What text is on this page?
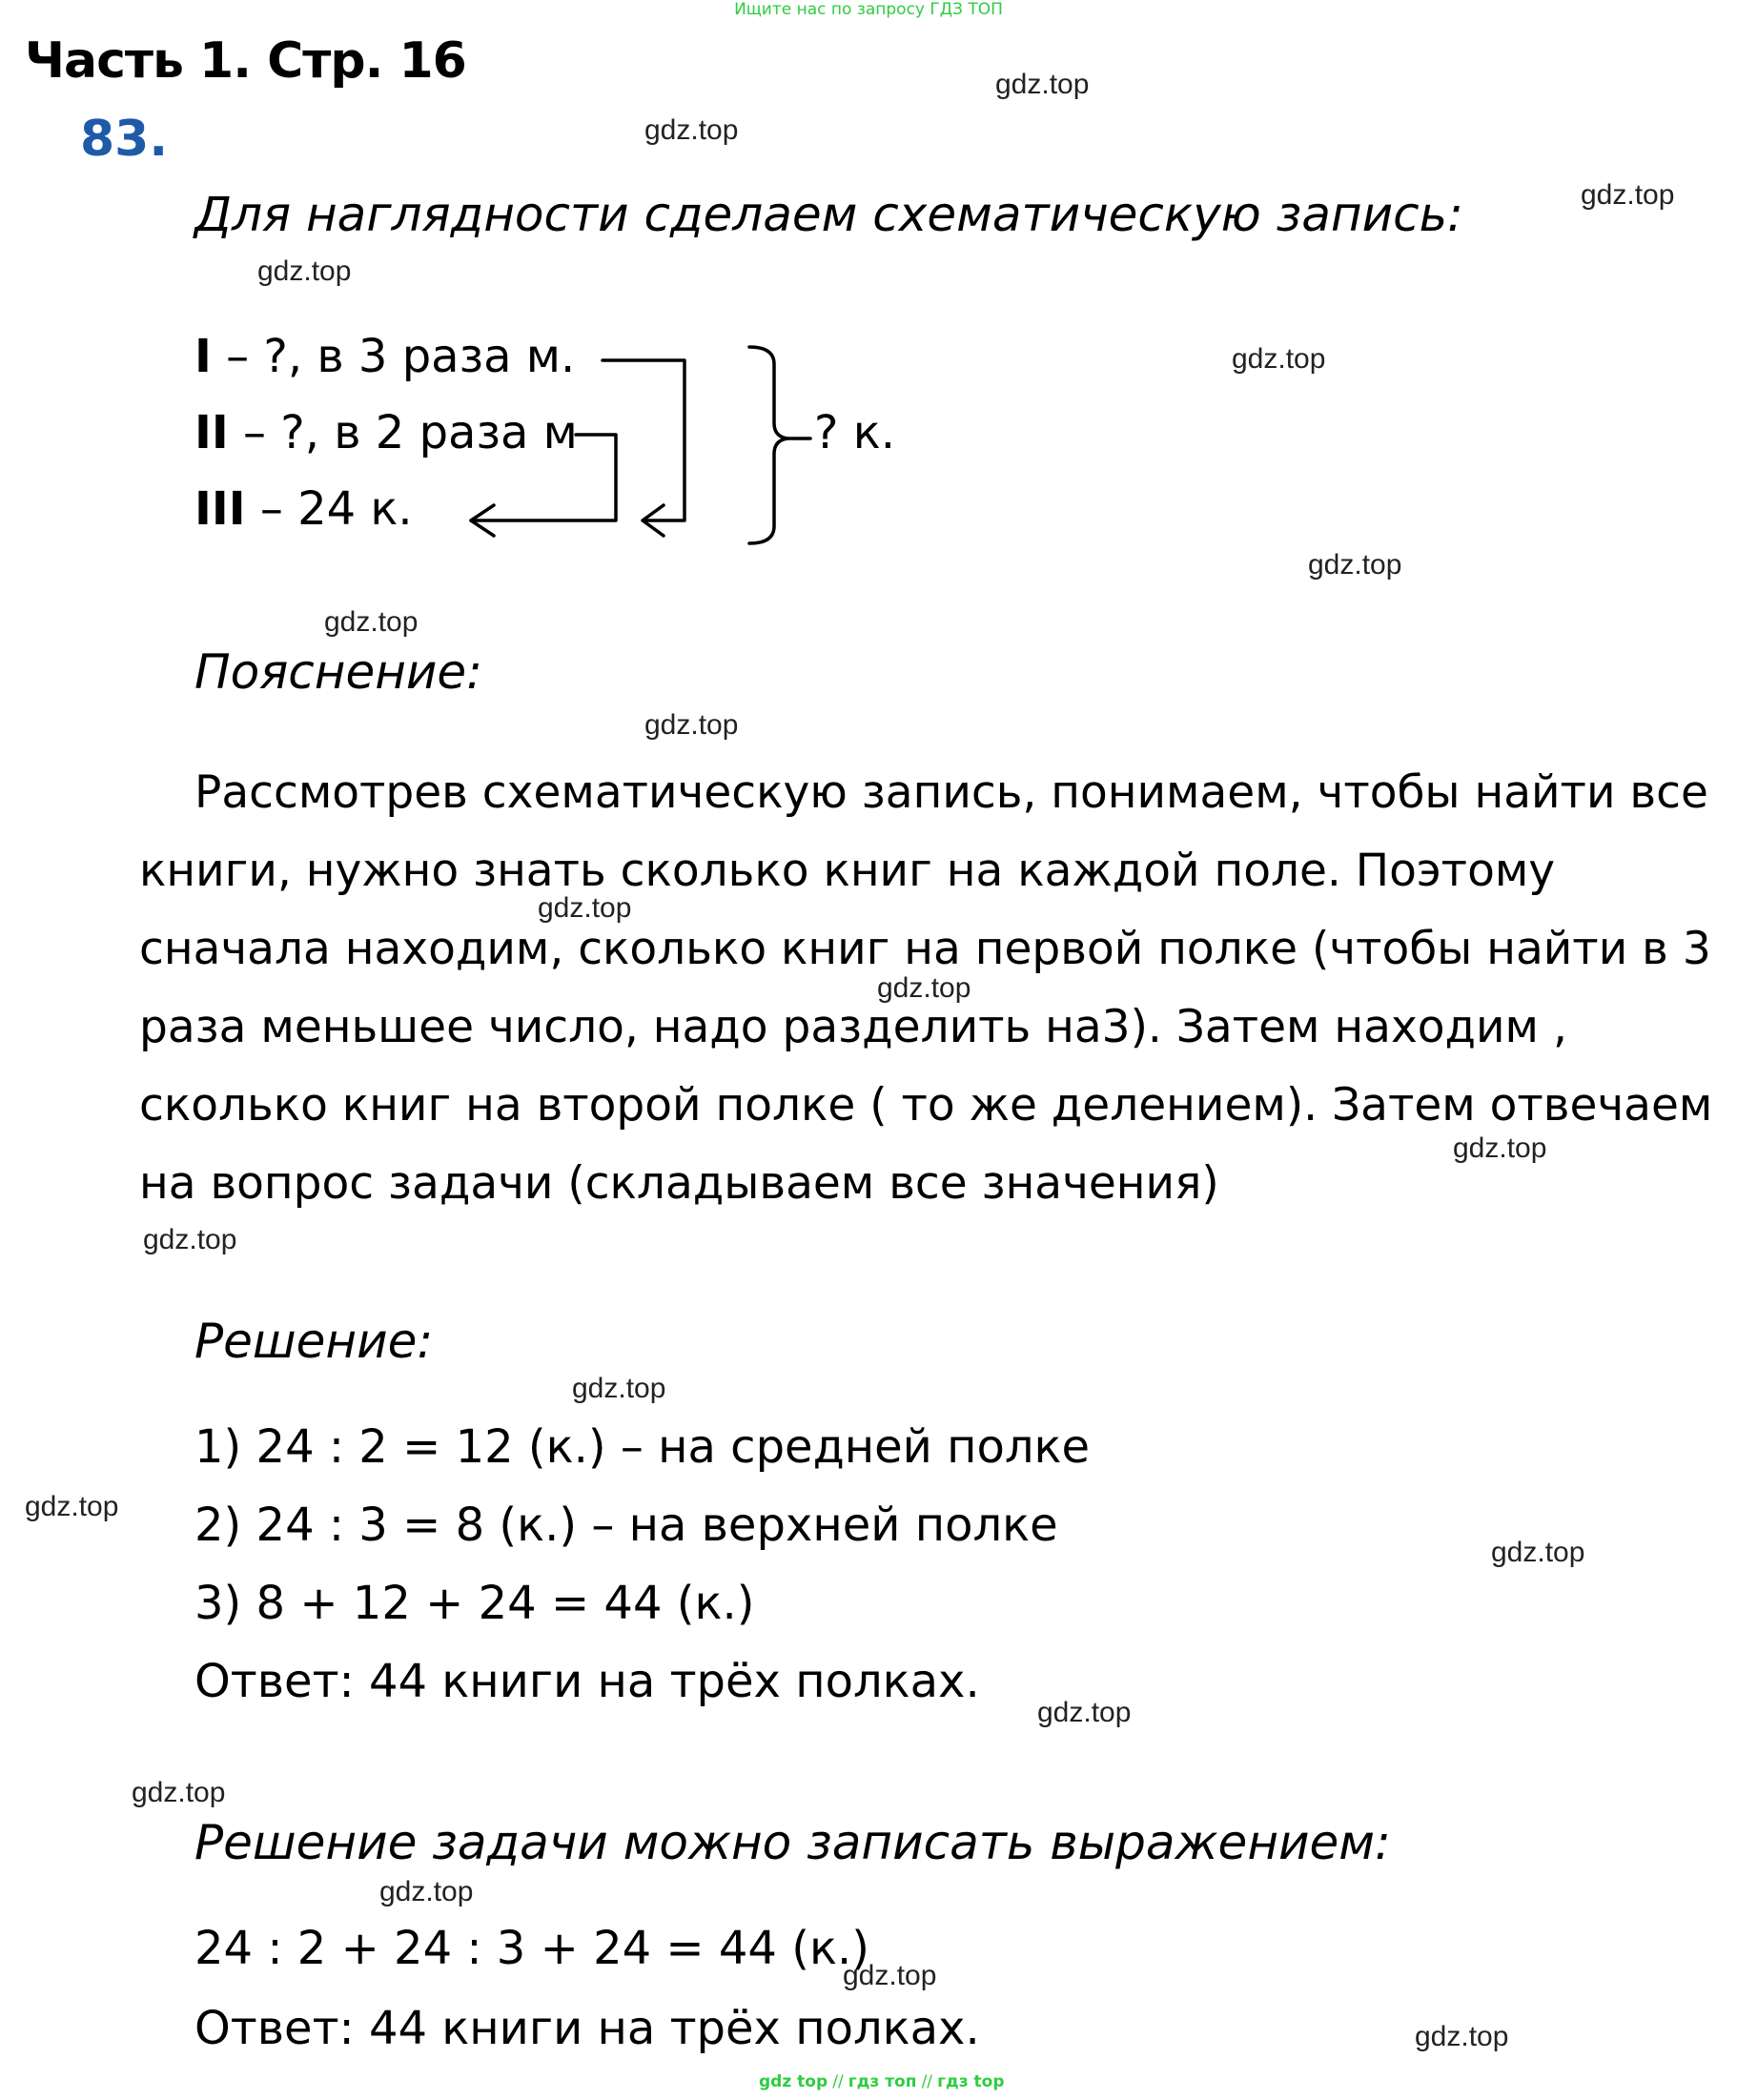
Ищите нас по запросу ГДЗ ТОП
Часть 1. Стр. 16
83.
Для наглядности сделаем схематическую запись:
I – ?, в 3 раза м.
II – ?, в 2 раза м
III – 24 к.
? к.
Пояснение:
Рассмотрев схематическую запись, понимаем, чтобы найти все
книги, нужно знать сколько книг на каждой поле. Поэтому
сначала находим, сколько книг на первой полке (чтобы найти в 3
раза меньшее число, надо разделить на3). Затем находим ,
сколько книг на второй полке ( то же делением). Затем отвечаем
на вопрос задачи (складываем все значения)
Решение:
1) 24 : 2 = 12 (к.) – на средней полке
2) 24 : 3 = 8 (к.) – на верхней полке
3) 8 + 12 + 24 = 44 (к.)
Ответ: 44 книги на трёх полках.
Решение задачи можно записать выражением:
24 : 2 + 24 : 3 + 24 = 44 (к.)
Ответ: 44 книги на трёх полках.
gdz.top
gdz.top
gdz.top
gdz.top
gdz.top
gdz.top
gdz.top
gdz.top
gdz.top
gdz.top
gdz.top
gdz.top
gdz.top
gdz.top
gdz.top
gdz.top
gdz.top
gdz.top
gdz.top
gdz.top
gdz top // гдз топ // гдз top
